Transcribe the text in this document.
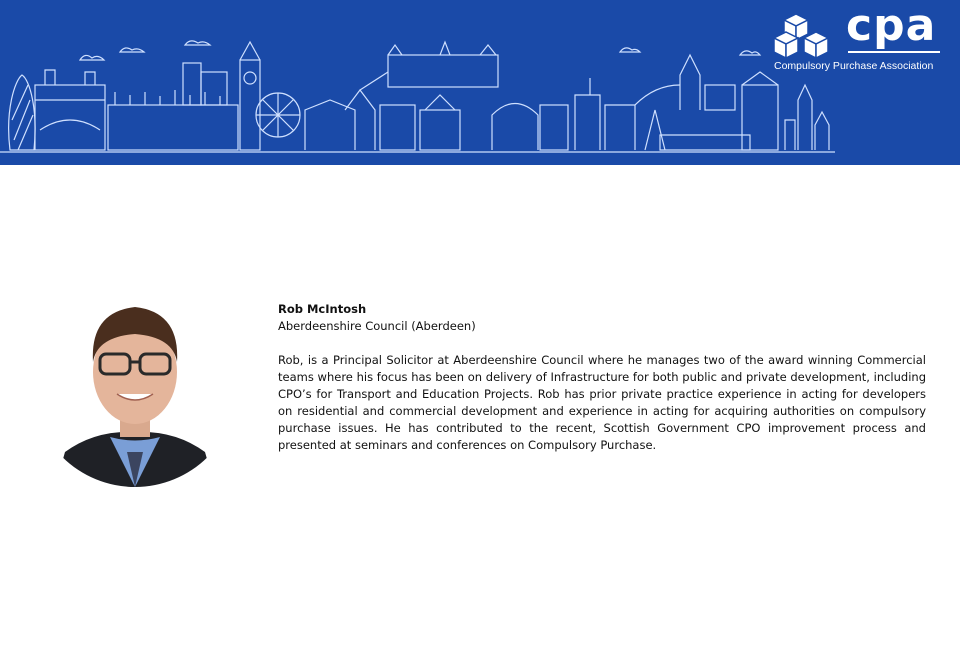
cpa
Compulsory Purchase Association
Rob McIntosh
Aberdeenshire Council (Aberdeen)
Rob, is a Principal Solicitor at Aberdeenshire Council where he manages two of the award winning Commercial teams where his focus has been on delivery of Infrastructure for both public and private development, including CPO’s for Transport and Education Projects. Rob has prior private practice experience in acting for developers on residential and commercial development and experience in acting for acquiring authorities on compulsory purchase issues. He has contributed to the recent, Scottish Government CPO improvement process and presented at seminars and conferences on Compulsory Purchase.
